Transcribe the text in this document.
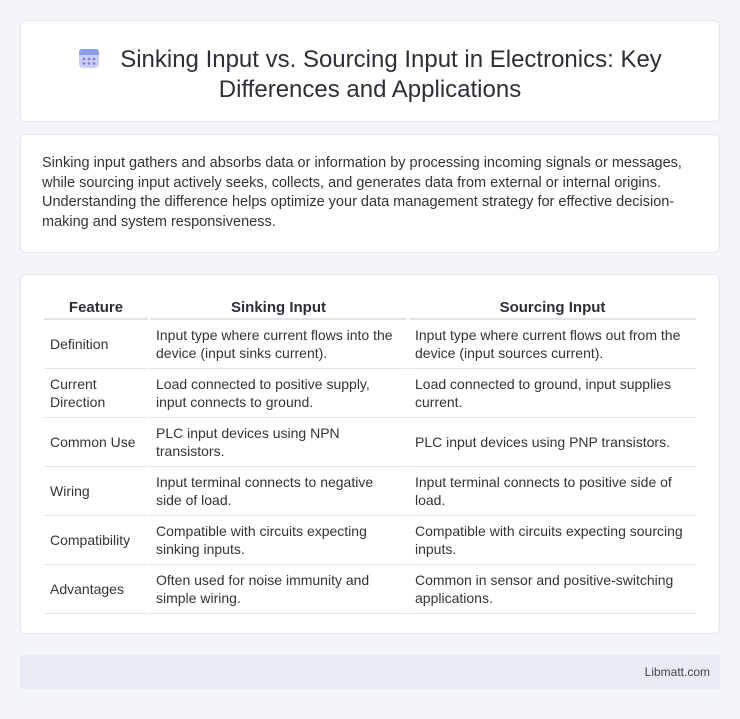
Sinking Input vs. Sourcing Input in Electronics: Key Differences and Applications

Sinking input gathers and absorbs data or information by processing incoming signals or messages, while sourcing input actively seeks, collects, and generates data from external or internal origins. Understanding the difference helps optimize your data management strategy for effective decision-making and system responsiveness.

Feature	Sinking Input	Sourcing Input
Definition	Input type where current flows into the device (input sinks current).	Input type where current flows out from the device (input sources current).
Current Direction	Load connected to positive supply, input connects to ground.	Load connected to ground, input supplies current.
Common Use	PLC input devices using NPN transistors.	PLC input devices using PNP transistors.
Wiring	Input terminal connects to negative side of load.	Input terminal connects to positive side of load.
Compatibility	Compatible with circuits expecting sinking inputs.	Compatible with circuits expecting sourcing inputs.
Advantages	Often used for noise immunity and simple wiring.	Common in sensor and positive-switching applications.
Libmatt.com
